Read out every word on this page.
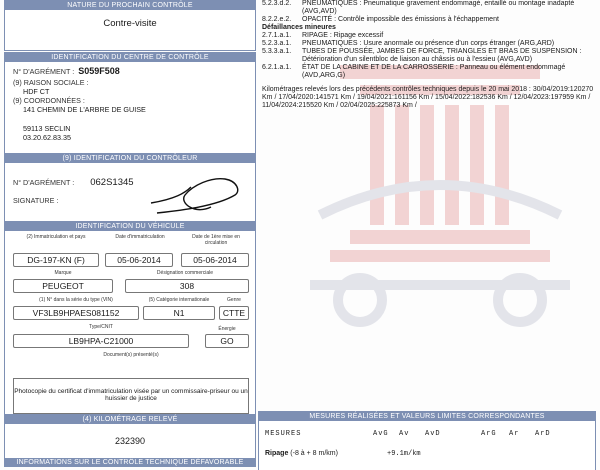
NATURE DU PROCHAIN CONTRÔLE
Contre-visite
IDENTIFICATION DU CENTRE DE CONTRÔLE
N° D'AGRÉMENT : S059F508
(9) RAISON SOCIALE :
HDF CT
(9) COORDONNÉES :
141 CHEMIN DE L'ARBRE DE GUISE
59113 SECLIN
03.20.62.83.35
(9) IDENTIFICATION DU CONTRÔLEUR
N° D'AGRÉMENT :	062S1345
SIGNATURE :
IDENTIFICATION DU VÉHICULE
(2) Immatriculation et pays	Date d'immatriculation	Date de 1ère mise en circulation
DG-197-KN (F)	05-06-2014	05-06-2014
Marque	Désignation commerciale
PEUGEOT	308
(1) N° dans la série du type (VIN)	(5) Catégorie internationale	Genre
VF3LB9HPAES081152	N1	CTTE
Type/CNIT	Énergie
LB9HPA-C21000	GO
Document(s) présenté(s)
Photocopie du certificat d'immatriculation visée par un commissaire-priseur ou un huissier de justice
(4) KILOMÉTRAGE RELEVÉ
232390
INFORMATIONS SUR LE CONTRÔLE TECHNIQUE DÉFAVORABLE
5.2.3.d.2.	PNEUMATIQUES : Pneumatique gravement endommagé, entaillé ou montage inadapté (AVG,AVD)
8.2.2.e.2.	OPACITÉ : Contrôle impossible des émissions à l'échappement
Défaillances mineures
2.7.1.a.1.	RIPAGE : Ripage excessif
5.2.3.a.1.	PNEUMATIQUES : Usure anormale ou présence d'un corps étranger (ARG,ARD)
5.3.3.a.1.	TUBES DE POUSSÉE, JAMBES DE FORCE, TRIANGLES ET BRAS DE SUSPENSION : Détérioration d'un silentbloc de liaison au châssis ou à l'essieu (AVG,AVD)
6.2.1.a.1.	ÉTAT DE LA CABINE ET DE LA CARROSSERIE : Panneau ou élément endommagé (AVD,ARG,G)
Kilométrages relevés lors des précédents contrôles techniques depuis le 20 mai 2018 : 30/04/2019:120270 Km / 17/04/2020:141571 Km / 19/04/2021:161156 Km / 15/04/2022:182536 Km / 12/04/2023:197959 Km / 11/04/2024:215520 Km / 02/04/2025:225873 Km /
MESURES RÉALISÉES ET VALEURS LIMITES CORRESPONDANTES
MESURES	AvG Av AvD	ArG Ar ArD
Ripage (-8 à + 8 m/km)	+9.1m/km
